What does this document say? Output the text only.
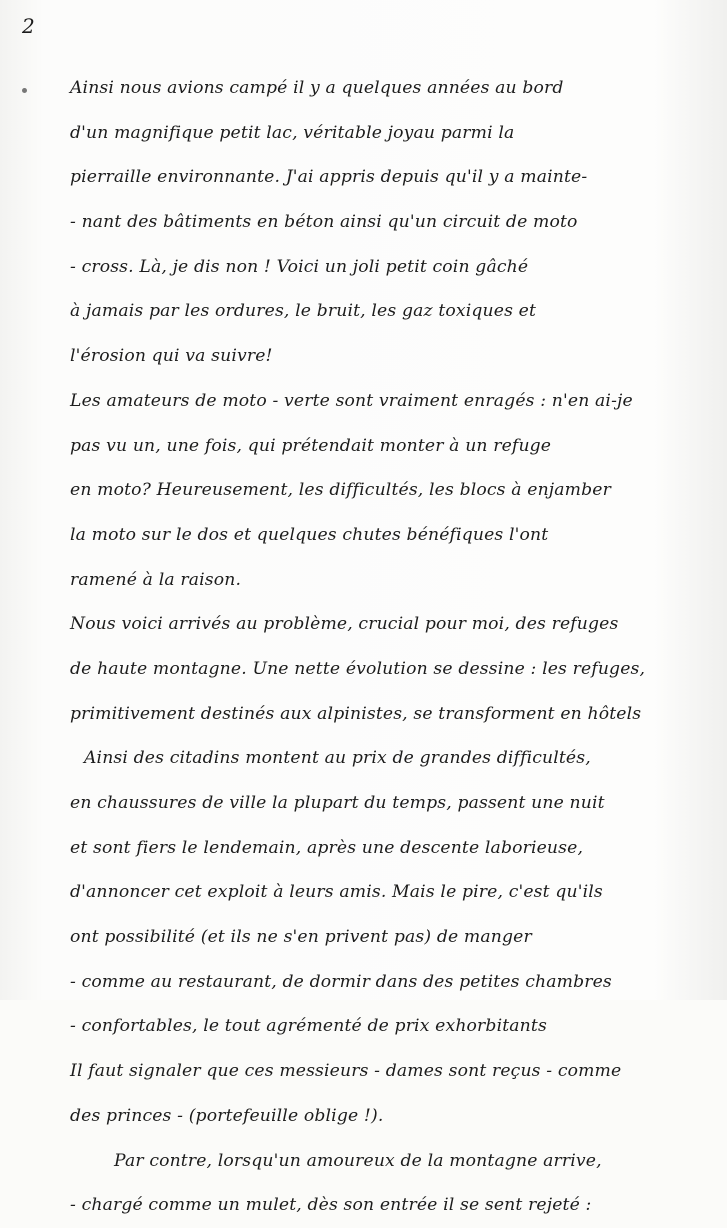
2
Ainsi nous avions campé il y a quelques années au bord
d'un magnifique petit lac, véritable joyau parmi la
pierraille environnante. J'ai appris depuis qu'il y a mainte-
- nant des bâtiments en béton ainsi qu'un circuit de moto
- cross. Là, je dis non ! Voici un joli petit coin gâché
à jamais par les ordures, le bruit, les gaz toxiques et
l'érosion qui va suivre!
Les amateurs de moto - verte sont vraiment enragés : n'en ai-je
pas vu un, une fois, qui prétendait monter à un refuge
en moto? Heureusement, les difficultés, les blocs à enjamber
la moto sur le dos et quelques chutes bénéfiques l'ont
ramené à la raison.
Nous voici arrivés au problème, crucial pour moi, des refuges
de haute montagne. Une nette évolution se dessine : les refuges,
primitivement destinés aux alpinistes, se transforment en hôtels
Ainsi des citadins montent au prix de grandes difficultés,
en chaussures de ville la plupart du temps, passent une nuit
et sont fiers le lendemain, après une descente laborieuse,
d'annoncer cet exploit à leurs amis. Mais le pire, c'est qu'ils
ont possibilité (et ils ne s'en privent pas) de manger
- comme au restaurant, de dormir dans des petites chambres
- confortables, le tout agrémenté de prix exhorbitants
Il faut signaler que ces messieurs - dames sont reçus - comme
des princes - (portefeuille oblige !).
Par contre, lorsqu'un amoureux de la montagne arrive,
- chargé comme un mulet, dès son entrée il se sent rejeté :
